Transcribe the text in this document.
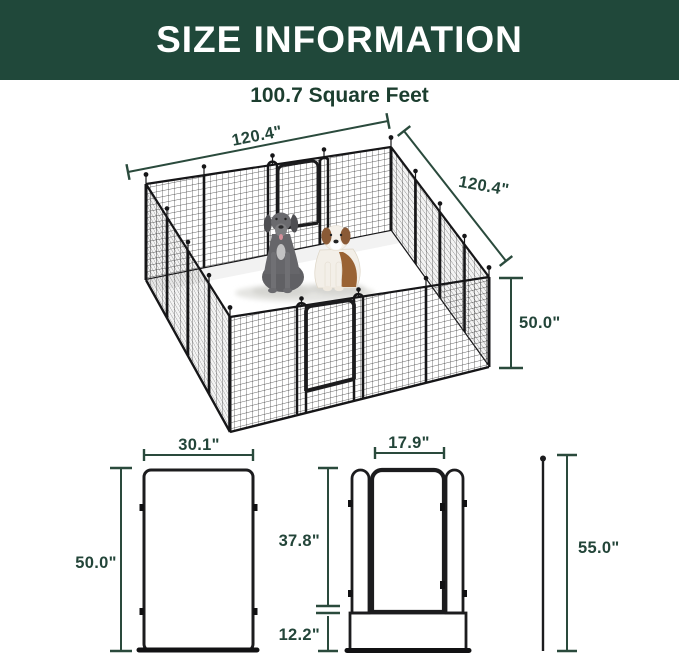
120.4"
120.4"
50.0"
30.1"
50.0"
17.9"
37.8"
12.2"
55.0"
SIZE INFORMATION
100.7 Square Feet
